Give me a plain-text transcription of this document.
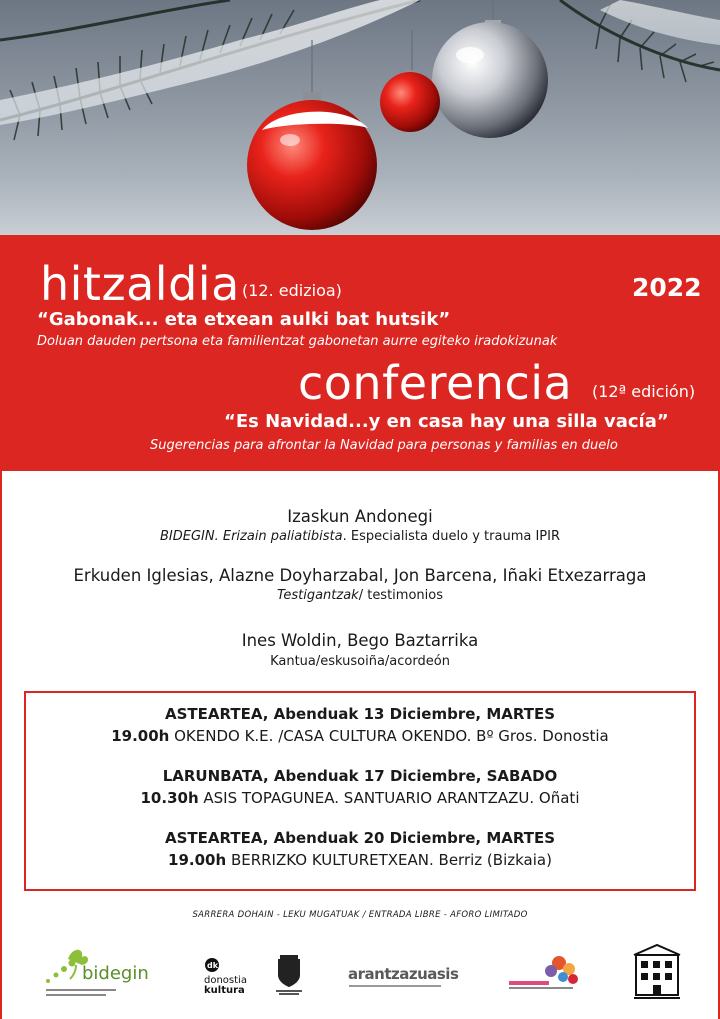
hitzaldia (12. edizioa)	2022
“Gabonak... eta etxean aulki bat hutsik”
Doluan dauden pertsona eta familientzat gabonetan aurre egiteko iradokizunak
conferencia (12ª edición)
“Es Navidad...y en casa hay una silla vacía”
Sugerencias para afrontar la Navidad para personas y familias en duelo
Izaskun Andonegi
BIDEGIN. Erizain paliatibista. Especialista duelo y trauma IPIR
Erkuden Iglesias, Alazne Doyharzabal, Jon Barcena, Iñaki Etxezarraga
Testigantzak/ testimonios
Ines Woldin, Bego Baztarrika
Kantua/eskusoiña/acordeón
ASTEARTEA, Abenduak 13 Diciembre, MARTES
19.00h OKENDO K.E. /CASA CULTURA OKENDO. Bº Gros. Donostia
LARUNBATA, Abenduak 17 Diciembre, SABADO
10.30h ASIS TOPAGUNEA. SANTUARIO ARANTZAZU. Oñati
ASTEARTEA, Abenduak 20 Diciembre, MARTES
19.00h BERRIZKO KULTURETXEAN. Berriz (Bizkaia)
SARRERA DOHAIN - LEKU MUGATUAK / ENTRADA LIBRE - AFORO LIMITADO
bidegin	dk
donostia
kultura
arantzazuasis
